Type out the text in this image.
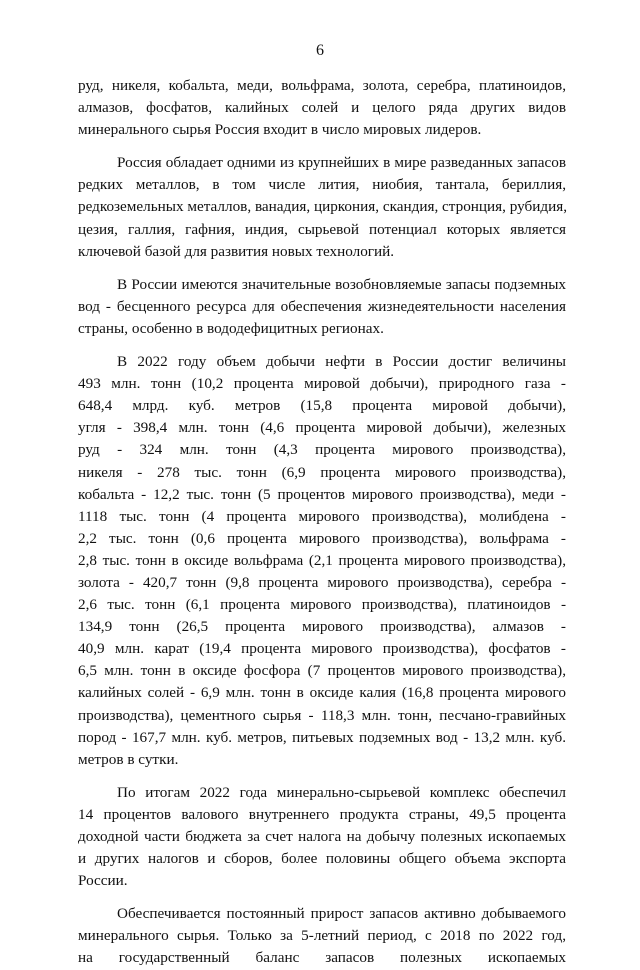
6
руд, никеля, кобальта, меди, вольфрама, золота, серебра, платиноидов,
алмазов, фосфатов, калийных солей и целого ряда других видов
минерального сырья Россия входит в число мировых лидеров.
Россия обладает одними из крупнейших в мире разведанных запасов
редких металлов, в том числе лития, ниобия, тантала, бериллия,
редкоземельных металлов, ванадия, циркония, скандия, стронция, рубидия,
цезия, галлия, гафния, индия, сырьевой потенциал которых является
ключевой базой для развития новых технологий.
В России имеются значительные возобновляемые запасы подземных
вод - бесценного ресурса для обеспечения жизнедеятельности населения
страны, особенно в вододефицитных регионах.
В 2022 году объем добычи нефти в России достиг величины
493 млн. тонн (10,2 процента мировой добычи), природного газа -
648,4 млрд. куб. метров (15,8 процента мировой добычи),
угля - 398,4 млн. тонн (4,6 процента мировой добычи), железных
руд - 324 млн. тонн (4,3 процента мирового производства),
никеля - 278 тыс. тонн (6,9 процента мирового производства),
кобальта - 12,2 тыс. тонн (5 процентов мирового производства), меди -
1118 тыс. тонн (4 процента мирового производства), молибдена -
2,2 тыс. тонн (0,6 процента мирового производства), вольфрама -
2,8 тыс. тонн в оксиде вольфрама (2,1 процента мирового производства),
золота - 420,7 тонн (9,8 процента мирового производства), серебра -
2,6 тыс. тонн (6,1 процента мирового производства), платиноидов -
134,9 тонн (26,5 процента мирового производства), алмазов -
40,9 млн. карат (19,4 процента мирового производства), фосфатов -
6,5 млн. тонн в оксиде фосфора (7 процентов мирового производства),
калийных солей - 6,9 млн. тонн в оксиде калия (16,8 процента мирового
производства), цементного сырья - 118,3 млн. тонн, песчано-гравийных
пород - 167,7 млн. куб. метров, питьевых подземных вод - 13,2 млн. куб.
метров в сутки.
По итогам 2022 года минерально-сырьевой комплекс обеспечил
14 процентов валового внутреннего продукта страны, 49,5 процента
доходной части бюджета за счет налога на добычу полезных ископаемых
и других налогов и сборов, более половины общего объема экспорта
России.
Обеспечивается постоянный прирост запасов активно добываемого
минерального сырья. Только за 5-летний период, с 2018 по 2022 год,
на государственный баланс запасов полезных ископаемых
